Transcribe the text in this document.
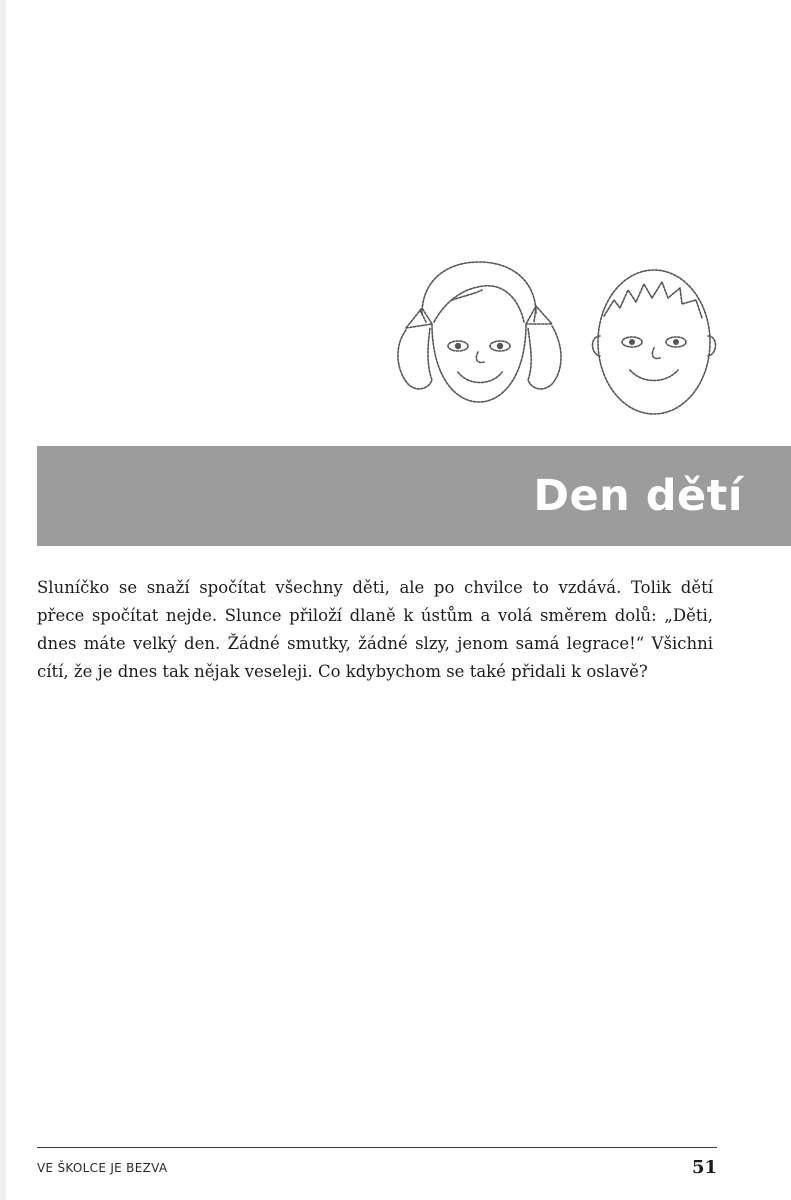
Den dětí

Sluníčko se snaží spočítat všechny děti, ale po chvilce to vzdává. Tolik dětí přece spočítat nejde. Slunce přiloží dlaně k ústům a volá směrem dolů: „Děti, dnes máte velký den. Žádné smutky, žádné slzy, jenom samá legrace!“ Všichni cítí, že je dnes tak nějak veseleji. Co kdybychom se také přidali k oslavě?

VE ŠKOLCE JE BEZVA	51
